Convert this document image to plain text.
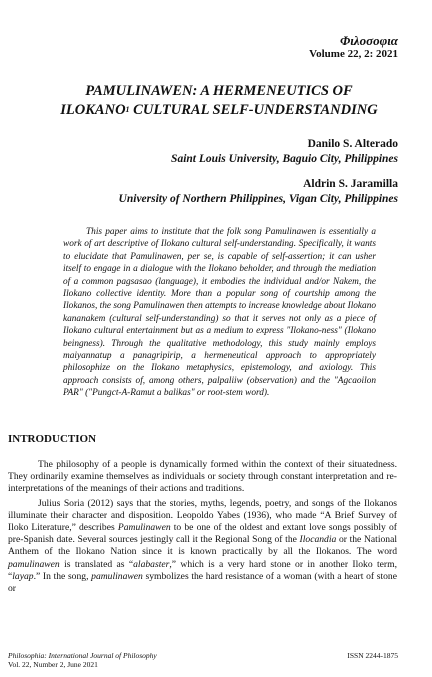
Φιλοσοφια
Volume 22, 2: 2021
PAMULINAWEN: A HERMENEUTICS OF
ILOKANO$^1$ CULTURAL SELF-UNDERSTANDING
Danilo S. Alterado
Saint Louis University, Baguio City, Philippines
Aldrin S. Jaramilla
University of Northern Philippines, Vigan City, Philippines

This paper aims to institute that the folk song Pamulinawen is essentially a work of art descriptive of Ilokano cultural self-understanding. Specifically, it wants to elucidate that Pamulinawen, per se, is capable of self-assertion; it can usher itself to engage in a dialogue with the Ilokano beholder, and through the mediation of a common pagsasao (language), it embodies the individual and/or Nakem, the Ilokano collective identity. More than a popular song of courtship among the Ilokanos, the song Pamulinawen then attempts to increase knowledge about Ilokano kananakem (cultural self-understanding) so that it serves not only as a piece of Ilokano cultural entertainment but as a medium to express "Ilokano-ness" (Ilokano beingness). Through the qualitative methodology, this study mainly employs maiyannatup a panagripirip, a hermeneutical approach to appropriately philosophize on the Ilokano metaphysics, epistemology, and axiology. This approach consists of, among others, palpaliiw (observation) and the "Agcaoilon PAR" ("Pungct-A-Ramut a balikas" or root-stem word).

INTRODUCTION

The philosophy of a people is dynamically formed within the context of their situatedness. They ordinarily examine themselves as individuals or society through constant interpretation and re-interpretations of the meanings of their actions and traditions.

Julius Soria (2012) says that the stories, myths, legends, poetry, and songs of the Ilokanos illuminate their character and disposition. Leopoldo Yabes (1936), who made “A Brief Survey of Iloko Literature,” describes Pamulinawen to be one of the oldest and extant love songs possibly of pre-Spanish date. Several sources jestingly call it the Regional Song of the Ilocandia or the National Anthem of the Ilokano Nation since it is known practically by all the Ilokanos. The word pamulinawen is translated as “alabaster,” which is a very hard stone or in another Iloko term, “layap.” In the song, pamulinawen symbolizes the hard resistance of a woman (with a heart of stone or

Philosophia: International Journal of Philosophy
Vol. 22, Number 2, June 2021
ISSN 2244-1875
